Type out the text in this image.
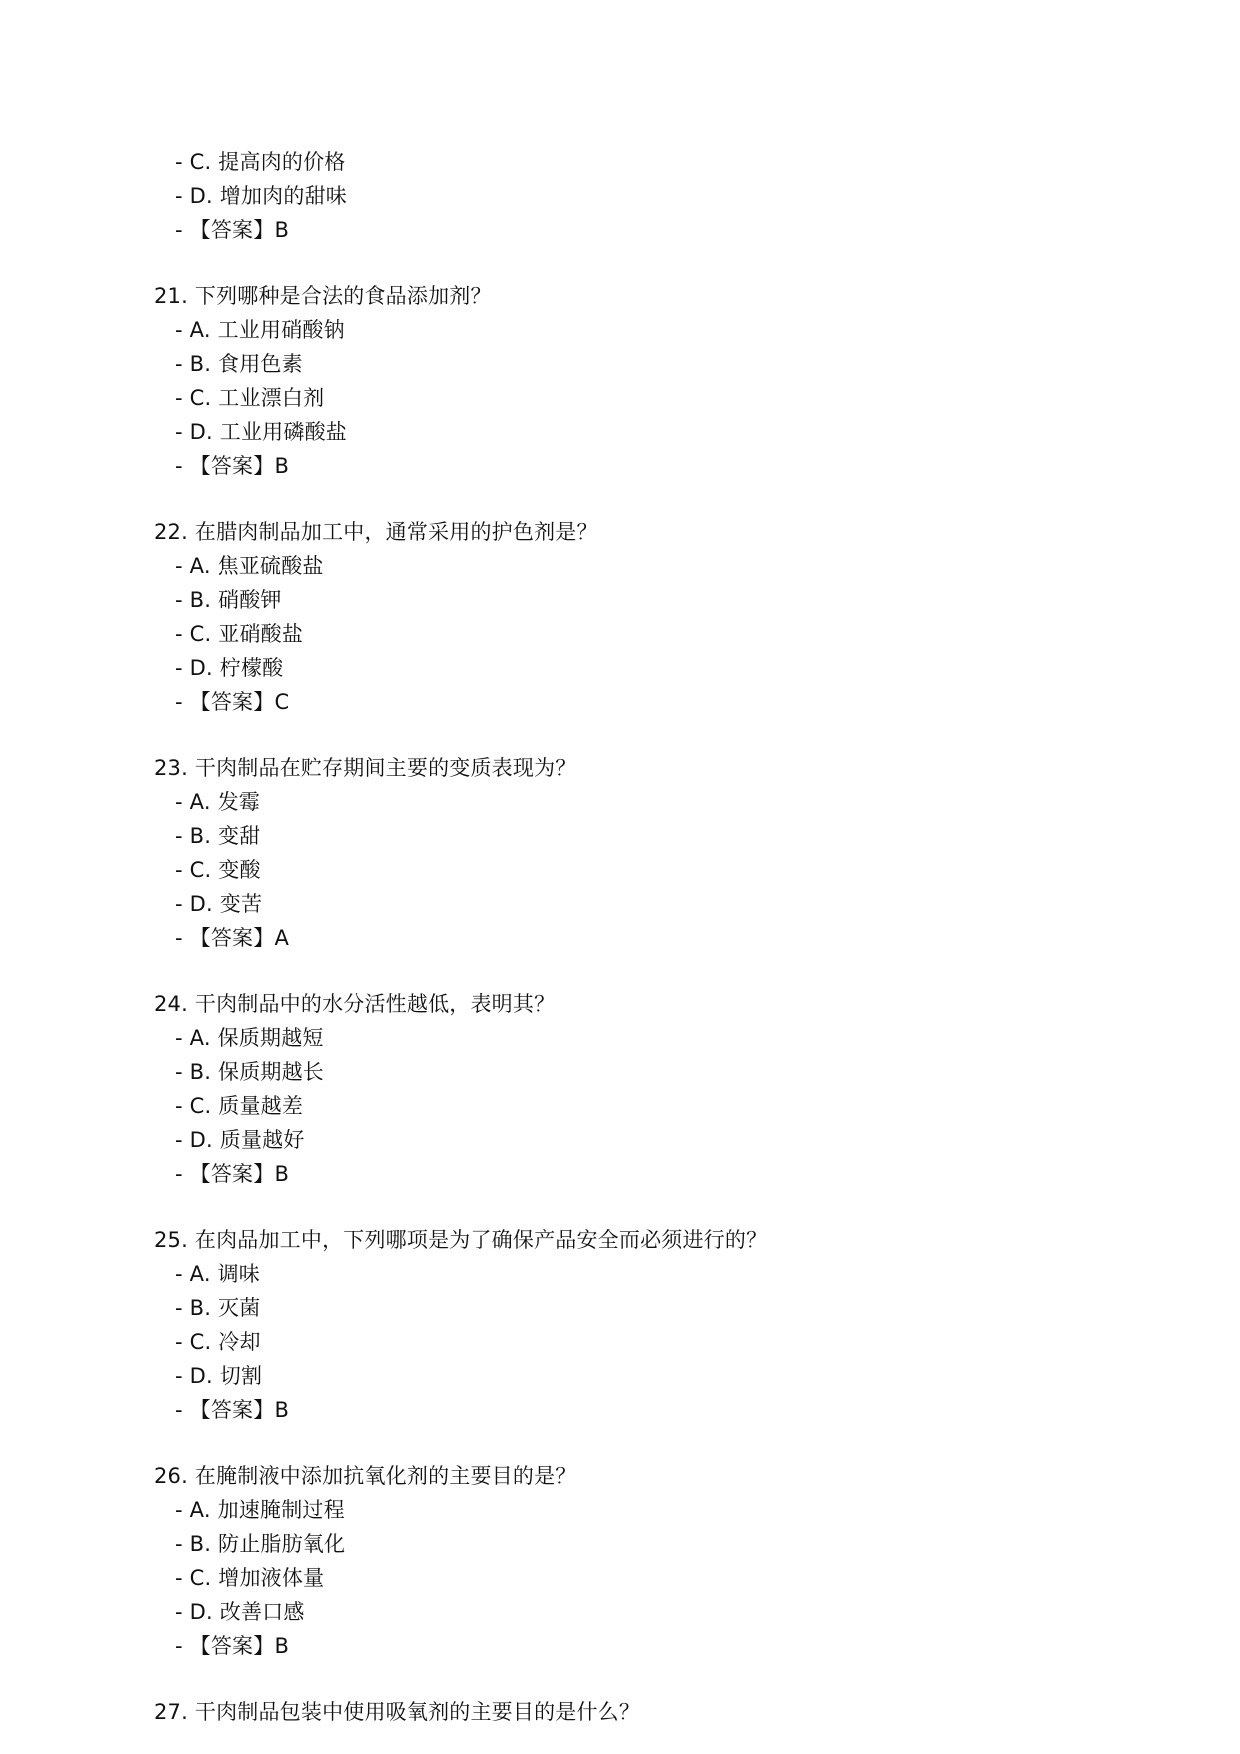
- C. 提高肉的价格
- D. 增加肉的甜味
- 【答案】B
21. 下列哪种是合法的食品添加剂？
- A. 工业用硝酸钠
- B. 食用色素
- C. 工业漂白剂
- D. 工业用磷酸盐
- 【答案】B
22. 在腊肉制品加工中，通常采用的护色剂是？
- A. 焦亚硫酸盐
- B. 硝酸钾
- C. 亚硝酸盐
- D. 柠檬酸
- 【答案】C
23. 干肉制品在贮存期间主要的变质表现为？
- A. 发霉
- B. 变甜
- C. 变酸
- D. 变苦
- 【答案】A
24. 干肉制品中的水分活性越低，表明其？
- A. 保质期越短
- B. 保质期越长
- C. 质量越差
- D. 质量越好
- 【答案】B
25. 在肉品加工中，下列哪项是为了确保产品安全而必须进行的？
- A. 调味
- B. 灭菌
- C. 冷却
- D. 切割
- 【答案】B
26. 在腌制液中添加抗氧化剂的主要目的是？
- A. 加速腌制过程
- B. 防止脂肪氧化
- C. 增加液体量
- D. 改善口感
- 【答案】B
27. 干肉制品包装中使用吸氧剂的主要目的是什么？
